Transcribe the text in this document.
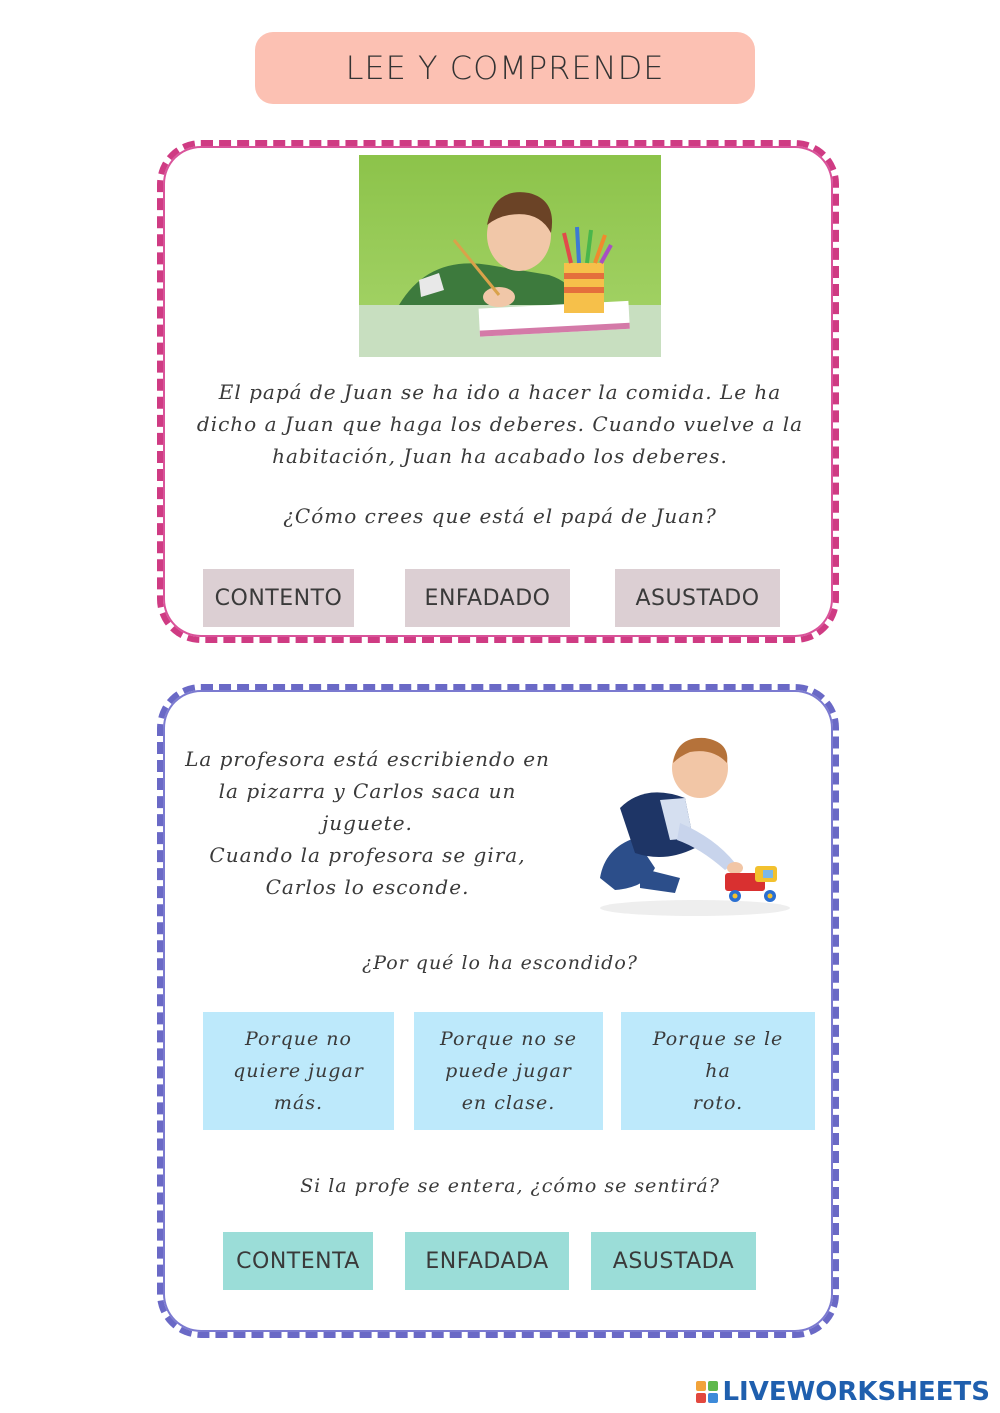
LEE Y COMPRENDE
El papá de Juan se ha ido a hacer la comida. Le ha
dicho a Juan que haga los deberes. Cuando vuelve a la
habitación, Juan ha acabado los deberes.
¿Cómo crees que está el papá de Juan?
CONTENTO	ENFADADO	ASUSTADO
La profesora está escribiendo en
la pizarra y Carlos saca un
juguete.
Cuando la profesora se gira,
Carlos lo esconde.
¿Por qué lo ha escondido?
Porque no
quiere jugar
más.
Porque no se
puede jugar
en clase.
Porque se le ha
roto.
Si la profe se entera, ¿cómo se sentirá?
CONTENTA	ENFADADA	ASUSTADA
LIVEWORKSHEETS
